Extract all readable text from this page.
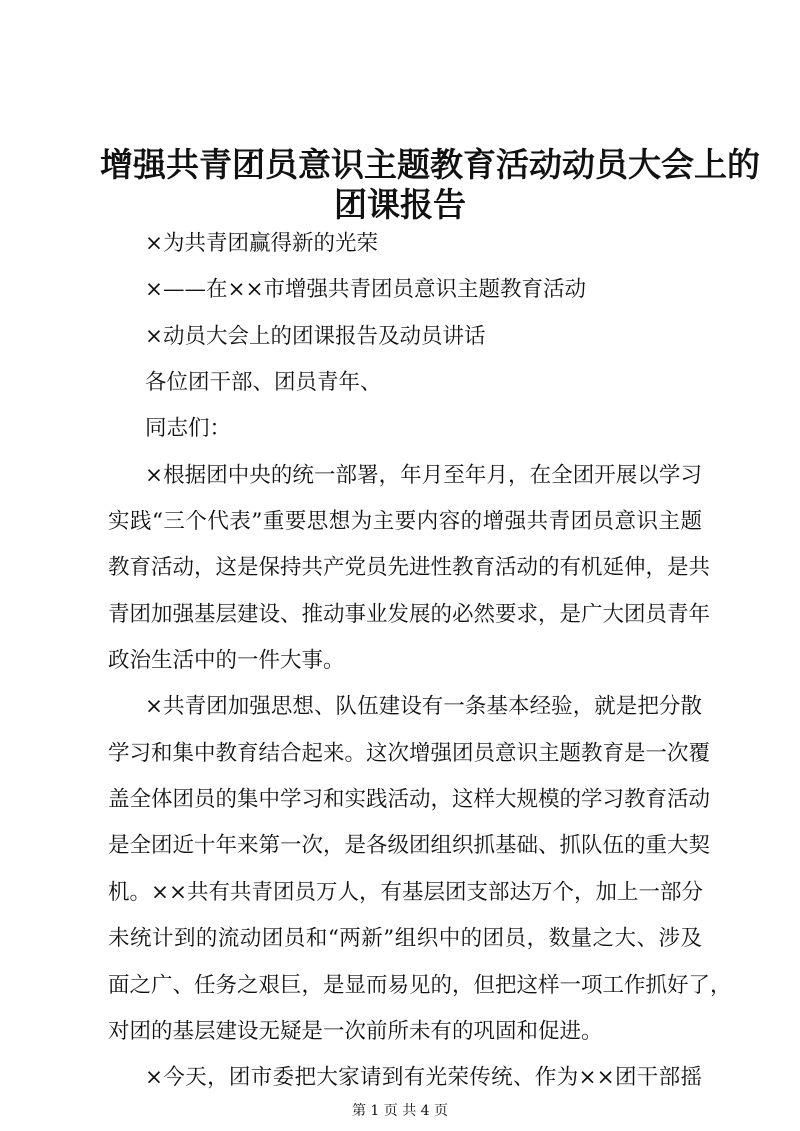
增强共青团员意识主题教育活动动员大会上的
团课报告
×为共青团赢得新的光荣
×——在××市增强共青团员意识主题教育活动
×动员大会上的团课报告及动员讲话
各位团干部、团员青年、
同志们：
×根据团中央的统一部署，年月至年月，在全团开展以学习
实践“三个代表”重要思想为主要内容的增强共青团员意识主题
教育活动，这是保持共产党员先进性教育活动的有机延伸，是共
青团加强基层建设、推动事业发展的必然要求，是广大团员青年
政治生活中的一件大事。
×共青团加强思想、队伍建设有一条基本经验，就是把分散
学习和集中教育结合起来。这次增强团员意识主题教育是一次覆
盖全体团员的集中学习和实践活动，这样大规模的学习教育活动
是全团近十年来第一次，是各级团组织抓基础、抓队伍的重大契
机。××共有共青团员万人，有基层团支部达万个，加上一部分
未统计到的流动团员和“两新”组织中的团员，数量之大、涉及
面之广、任务之艰巨，是显而易见的，但把这样一项工作抓好了，
对团的基层建设无疑是一次前所未有的巩固和促进。
×今天，团市委把大家请到有光荣传统、作为××团干部摇
第 1 页 共 4 页
